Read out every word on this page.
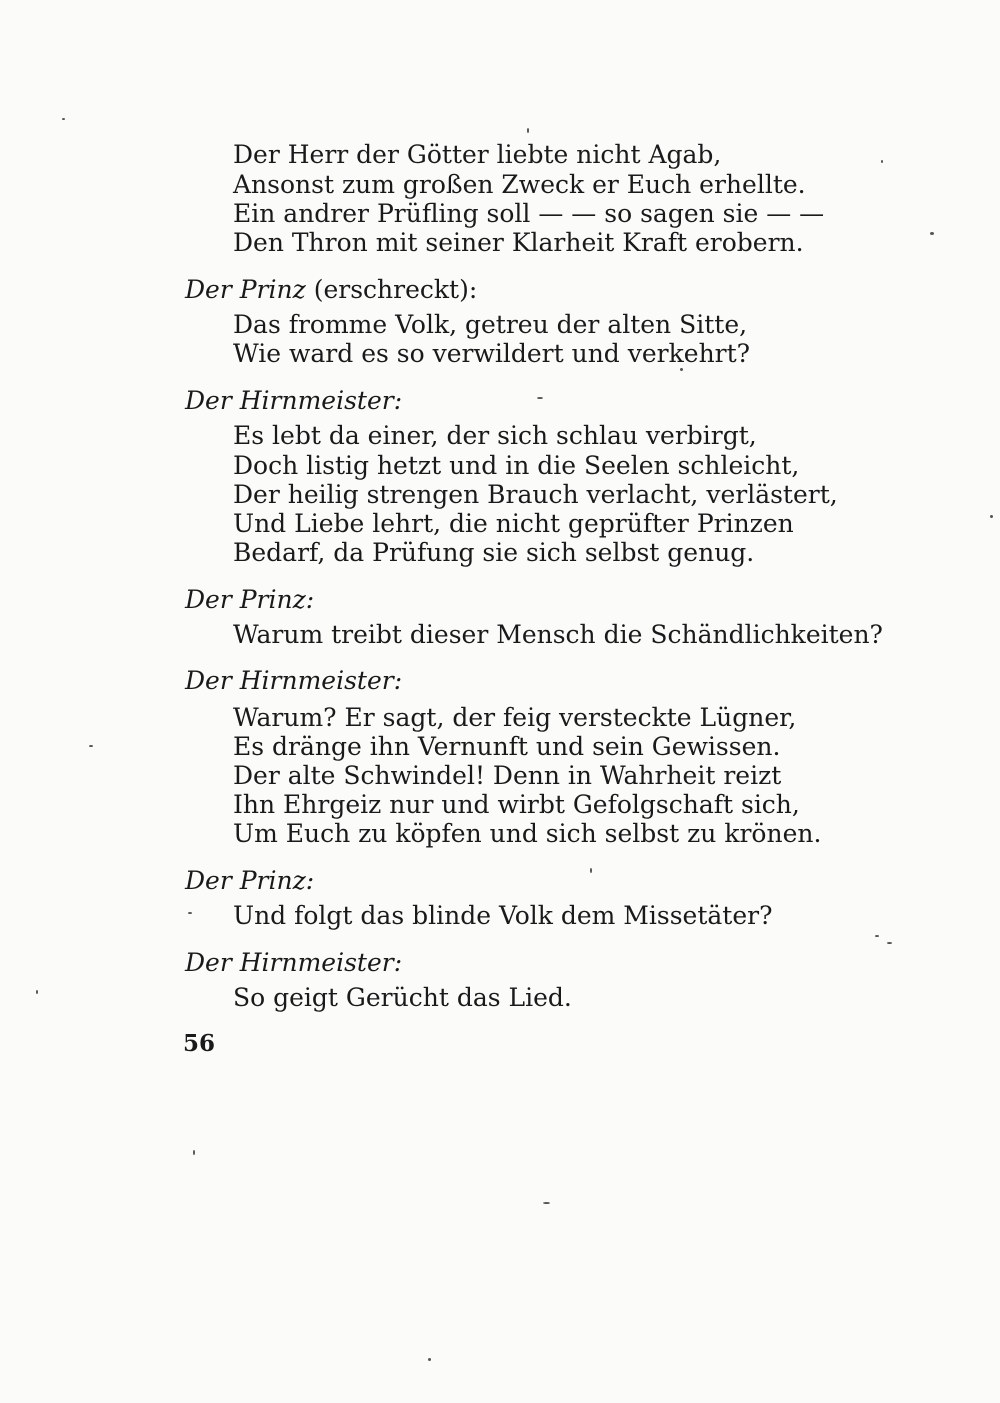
Der Herr der Götter liebte nicht Agab,
Ansonst zum großen Zweck er Euch erhellte.
Ein andrer Prüfling soll — — so sagen sie — —
Den Thron mit seiner Klarheit Kraft erobern.
Der Prinz (erschreckt):
Das fromme Volk, getreu der alten Sitte,
Wie ward es so verwildert und verkehrt?
Der Hirnmeister:
Es lebt da einer, der sich schlau verbirgt,
Doch listig hetzt und in die Seelen schleicht,
Der heilig strengen Brauch verlacht, verlästert,
Und Liebe lehrt, die nicht geprüfter Prinzen
Bedarf, da Prüfung sie sich selbst genug.
Der Prinz:
Warum treibt dieser Mensch die Schändlichkeiten?
Der Hirnmeister:
Warum? Er sagt, der feig versteckte Lügner,
Es dränge ihn Vernunft und sein Gewissen.
Der alte Schwindel! Denn in Wahrheit reizt
Ihn Ehrgeiz nur und wirbt Gefolgschaft sich,
Um Euch zu köpfen und sich selbst zu krönen.
Der Prinz:
Und folgt das blinde Volk dem Missetäter?
Der Hirnmeister:
So geigt Gerücht das Lied.
56
